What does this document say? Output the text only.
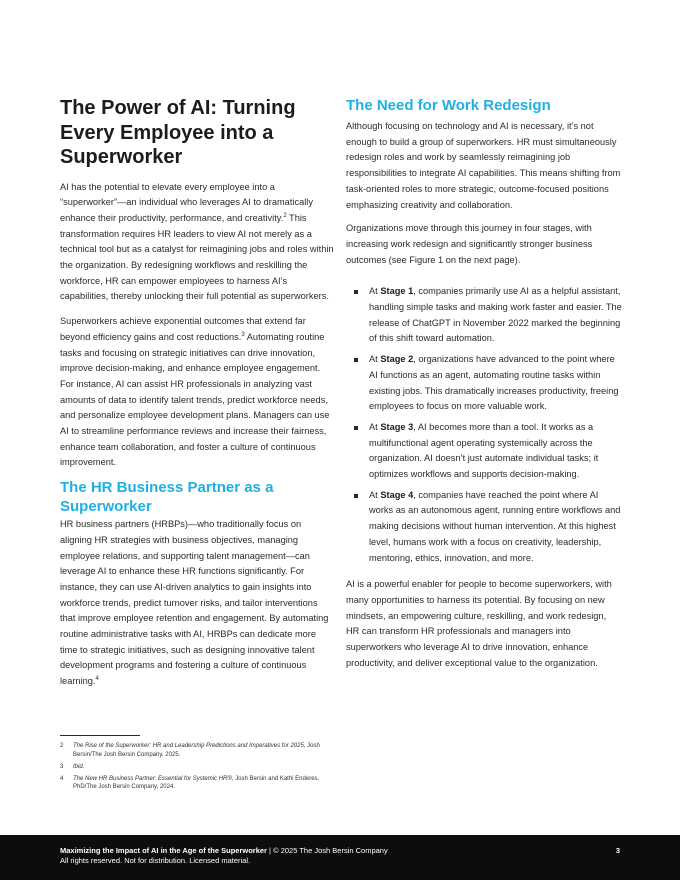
The Power of AI: Turning Every Employee into a Superworker

AI has the potential to elevate every employee into a “superworker”—an individual who leverages AI to dramatically enhance their productivity, performance, and creativity.$^2$ This transformation requires HR leaders to view AI not merely as a technical tool but as a catalyst for reimagining jobs and roles within the organization. By redesigning workflows and reskilling the workforce, HR can empower employees to harness AI’s capabilities, thereby unlocking their full potential as superworkers.

Superworkers achieve exponential outcomes that extend far beyond efficiency gains and cost reductions.$^3$ Automating routine tasks and focusing on strategic initiatives can drive innovation, improve decision-making, and enhance employee engagement. For instance, AI can assist HR professionals in analyzing vast amounts of data to identify talent trends, predict workforce needs, and personalize employee development plans. Managers can use AI to streamline performance reviews and increase their fairness, enhance team collaboration, and foster a culture of continuous improvement.

The HR Business Partner as a Superworker

HR business partners (HRBPs)—who traditionally focus on aligning HR strategies with business objectives, managing employee relations, and supporting talent management—can leverage AI to enhance these HR functions significantly. For instance, they can use AI-driven analytics to gain insights into workforce trends, predict turnover risks, and tailor interventions that improve employee retention and engagement. By automating routine administrative tasks with AI, HRBPs can dedicate more time to strategic initiatives, such as designing innovative talent development programs and fostering a culture of continuous learning.$^4$

The Need for Work Redesign

Although focusing on technology and AI is necessary, it’s not enough to build a group of superworkers. HR must simultaneously redesign roles and work by seamlessly reimagining job responsibilities to integrate AI capabilities. This means shifting from task-oriented roles to more strategic, outcome-focused positions emphasizing creativity and collaboration.

Organizations move through this journey in four stages, with increasing work redesign and significantly stronger business outcomes (see Figure 1 on the next page).

At Stage 1, companies primarily use AI as a helpful assistant, handling simple tasks and making work faster and easier. The release of ChatGPT in November 2022 marked the beginning of this shift toward automation.
At Stage 2, organizations have advanced to the point where AI functions as an agent, automating routine tasks within existing jobs. This dramatically increases productivity, freeing employees to focus on more valuable work.
At Stage 3, AI becomes more than a tool. It works as a multifunctional agent operating systemically across the organization. AI doesn’t just automate individual tasks; it optimizes workflows and supports decision-making.
At Stage 4, companies have reached the point where AI works as an autonomous agent, running entire workflows and making decisions without human intervention. At this highest level, humans work with a focus on creativity, leadership, mentoring, ethics, innovation, and more.

AI is a powerful enabler for people to become superworkers, with many opportunities to harness its potential. By focusing on new mindsets, an empowering culture, reskilling, and work redesign, HR can transform HR professionals and managers into superworkers who leverage AI to drive innovation, enhance productivity, and deliver exceptional value to the organization.

2 The Rise of the Superworker: HR and Leadership Predictions and Imperatives for 2025, Josh Bersin/The Josh Bersin Company, 2025.
3 Ibid.
4 The New HR Business Partner: Essential for Systemic HR®, Josh Bersin and Kathi Enderes, PhD/The Josh Bersin Company, 2024.
Maximizing the Impact of AI in the Age of the Superworker | © 2025 The Josh Bersin Company
All rights reserved. Not for distribution. Licensed material.
3
